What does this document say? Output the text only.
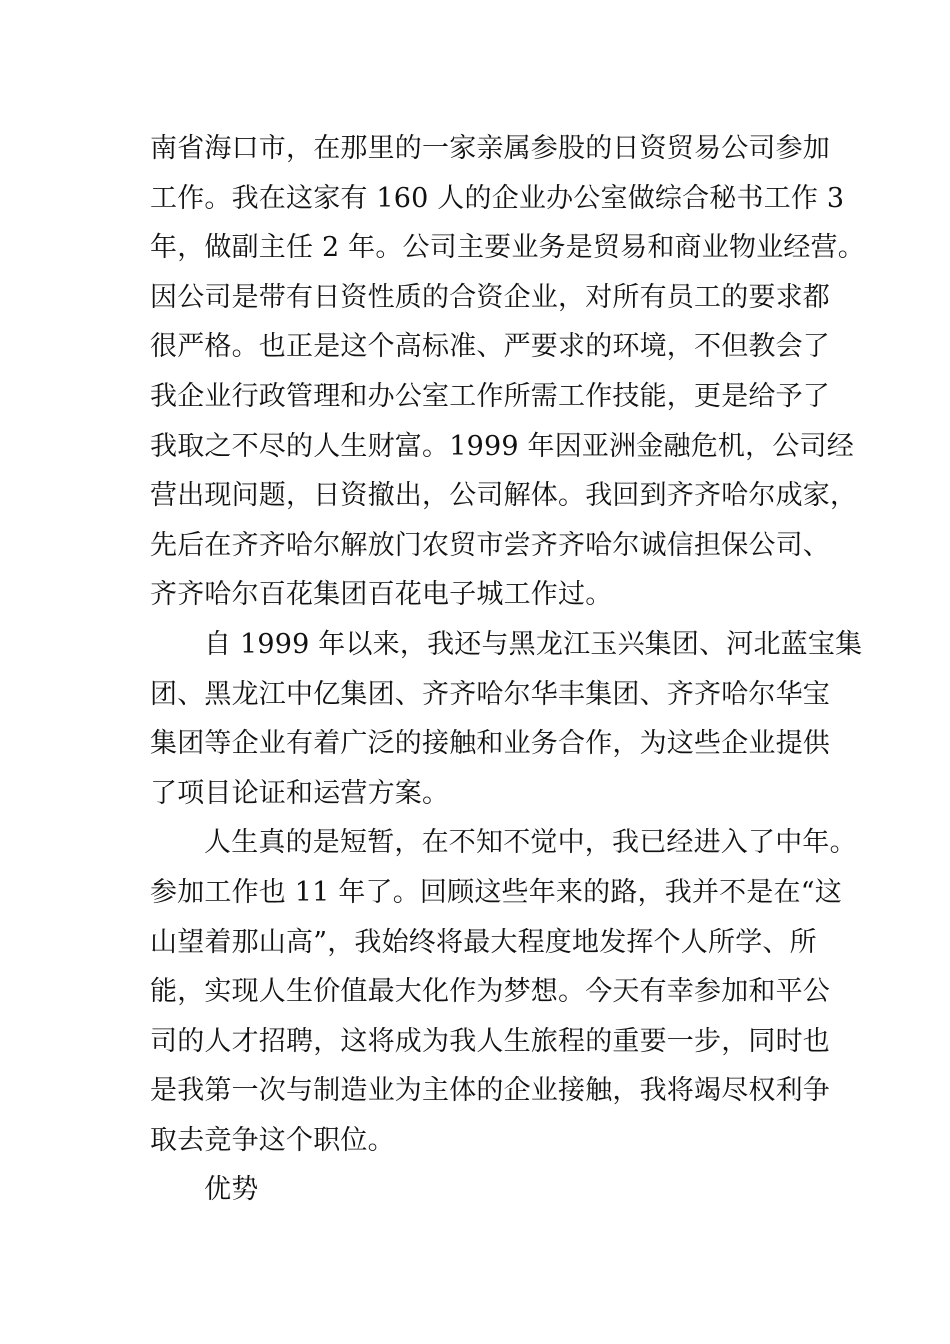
南省海口市，在那里的一家亲属参股的日资贸易公司参加
工作。我在这家有 160 人的企业办公室做综合秘书工作 3
年，做副主任 2 年。公司主要业务是贸易和商业物业经营。
因公司是带有日资性质的合资企业，对所有员工的要求都
很严格。也正是这个高标准、严要求的环境，不但教会了
我企业行政管理和办公室工作所需工作技能，更是给予了
我取之不尽的人生财富。1999 年因亚洲金融危机，公司经
营出现问题，日资撤出，公司解体。我回到齐齐哈尔成家，
先后在齐齐哈尔解放门农贸市尝齐齐哈尔诚信担保公司、
齐齐哈尔百花集团百花电子城工作过。
自 1999 年以来，我还与黑龙江玉兴集团、河北蓝宝集
团、黑龙江中亿集团、齐齐哈尔华丰集团、齐齐哈尔华宝
集团等企业有着广泛的接触和业务合作，为这些企业提供
了项目论证和运营方案。
人生真的是短暂，在不知不觉中，我已经进入了中年。
参加工作也 11 年了。回顾这些年来的路，我并不是在“这
山望着那山高”，我始终将最大程度地发挥个人所学、所
能，实现人生价值最大化作为梦想。今天有幸参加和平公
司的人才招聘，这将成为我人生旅程的重要一步，同时也
是我第一次与制造业为主体的企业接触，我将竭尽权利争
取去竞争这个职位。
优势
